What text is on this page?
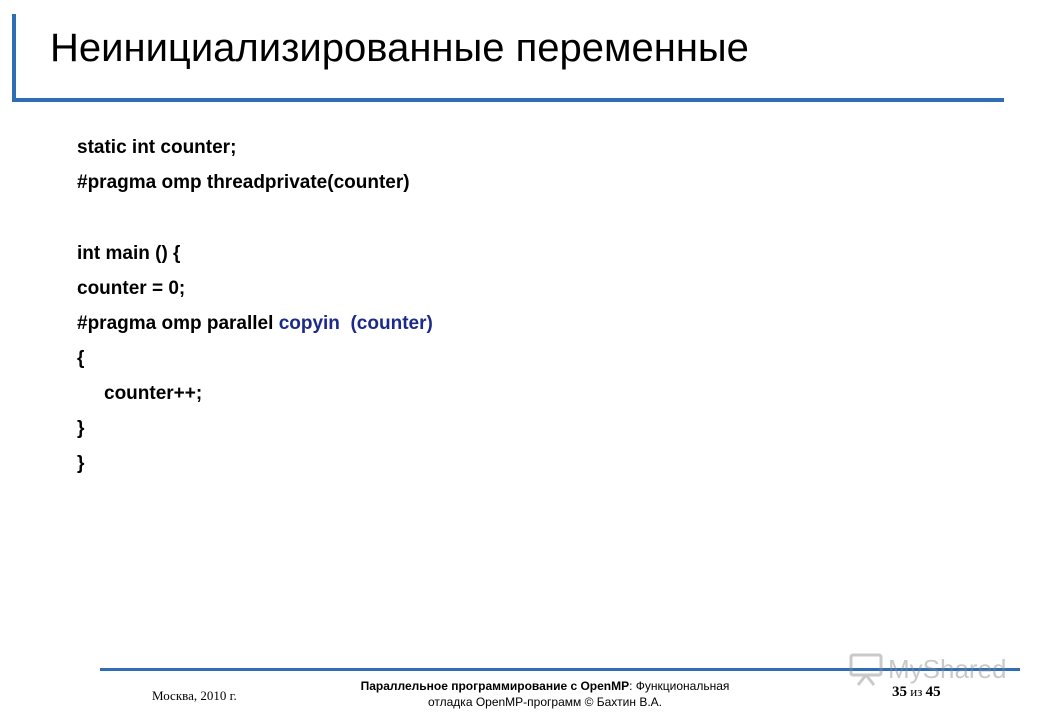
Неинициализированные переменные
static int counter;
#pragma omp threadprivate(counter)
int main () {
counter = 0;
#pragma omp parallel copyin  (counter)
{
counter++;
}
}
Москва, 2010 г.
Параллельное программирование с OpenMP: Функциональная
отладка OpenMP-программ © Бахтин В.А.
MyShared
35 из 45
